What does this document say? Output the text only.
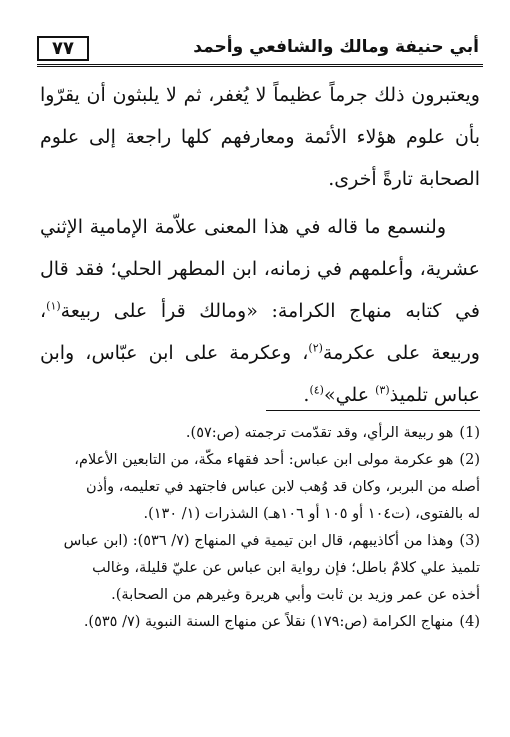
٧٧	أبي حنيفة ومالك والشافعي وأحمد

ويعتبرون ذلك جرماً عظيماً لا يُغفر، ثم لا يلبثون أن يقرّوا بأن علوم هؤلاء الأئمة ومعارفهم كلها راجعة إلى علوم الصحابة تارةً أخرى.

ولنسمع ما قاله في هذا المعنى علاّمة الإمامية الإثني عشرية، وأعلمهم في زمانه، ابن المطهر الحلي؛ فقد قال في كتابه منهاج الكرامة: «ومالك قرأ على ربيعة$^{(١)}$، وربيعة على عكرمة$^{(٢)}$، وعكرمة على ابن عبّاس، وابن عباس تلميذ$^{(٣)}$ علي»$^{(٤)}$.

(1) هو ربيعة الرأي، وقد تقدّمت ترجمته (ص:٥٧).

(2) هو عكرمة مولى ابن عباس: أحد فقهاء مكّة، من التابعين الأعلام،

أصله من البربر، وكان قد وُهب لابن عباس فاجتهد في تعليمه، وأذن

له بالفتوى، (ت١٠٤ أو ١٠٥ أو ١٠٦هـ) الشذرات (١/ ١٣٠).

(3) وهذا من أكاذيبهم، قال ابن تيمية في المنهاج (٧/ ٥٣٦): (ابن عباس

تلميذ علي كلامٌ باطل؛ فإن رواية ابن عباس عن عليّ قليلة، وغالب

أخذه عن عمر وزيد بن ثابت وأبي هريرة وغيرهم من الصحابة).

(4) منهاج الكرامة (ص:١٧٩) نقلاً عن منهاج السنة النبوية (٧/ ٥٣٥).
